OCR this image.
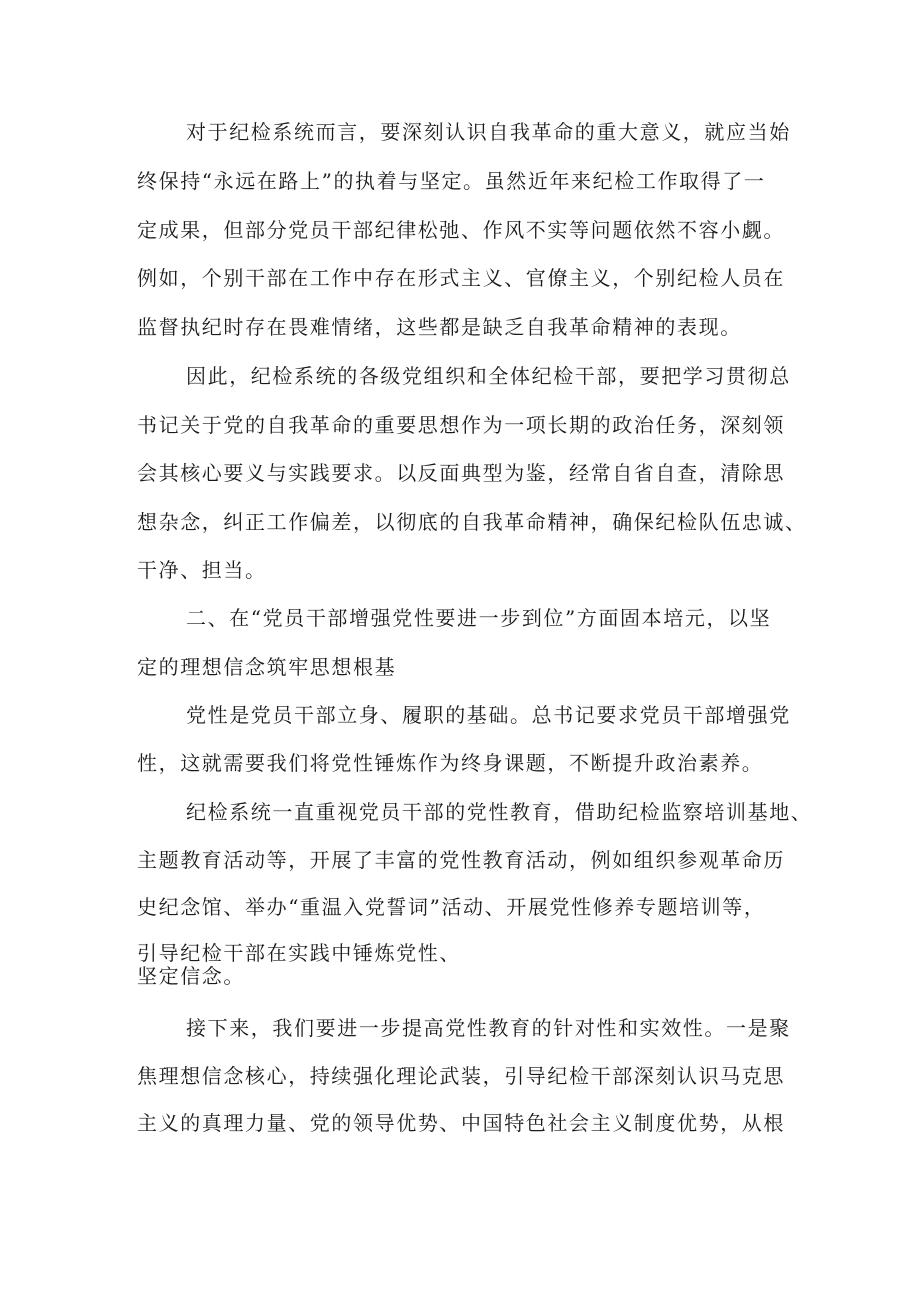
对于纪检系统而言，要深刻认识自我革命的重大意义，就应当始

终保持“永远在路上”的执着与坚定。虽然近年来纪检工作取得了一

定成果，但部分党员干部纪律松弛、作风不实等问题依然不容小觑。

例如，个别干部在工作中存在形式主义、官僚主义，个别纪检人员在

监督执纪时存在畏难情绪，这些都是缺乏自我革命精神的表现。

因此，纪检系统的各级党组织和全体纪检干部，要把学习贯彻总

书记关于党的自我革命的重要思想作为一项长期的政治任务，深刻领

会其核心要义与实践要求。以反面典型为鉴，经常自省自查，清除思

想杂念，纠正工作偏差，以彻底的自我革命精神，确保纪检队伍忠诚、

干净、担当。

二、在“党员干部增强党性要进一步到位”方面固本培元，以坚

定的理想信念筑牢思想根基

党性是党员干部立身、履职的基础。总书记要求党员干部增强党

性，这就需要我们将党性锤炼作为终身课题，不断提升政治素养。

纪检系统一直重视党员干部的党性教育，借助纪检监察培训基地、

主题教育活动等，开展了丰富的党性教育活动，例如组织参观革命历

史纪念馆、举办“重温入党誓词”活动、开展党性修养专题培训等，

引导纪检干部在实践中锤炼党性、

坚定信念。

接下来，我们要进一步提高党性教育的针对性和实效性。一是聚

焦理想信念核心，持续强化理论武装，引导纪检干部深刻认识马克思

主义的真理力量、党的领导优势、中国特色社会主义制度优势，从根
